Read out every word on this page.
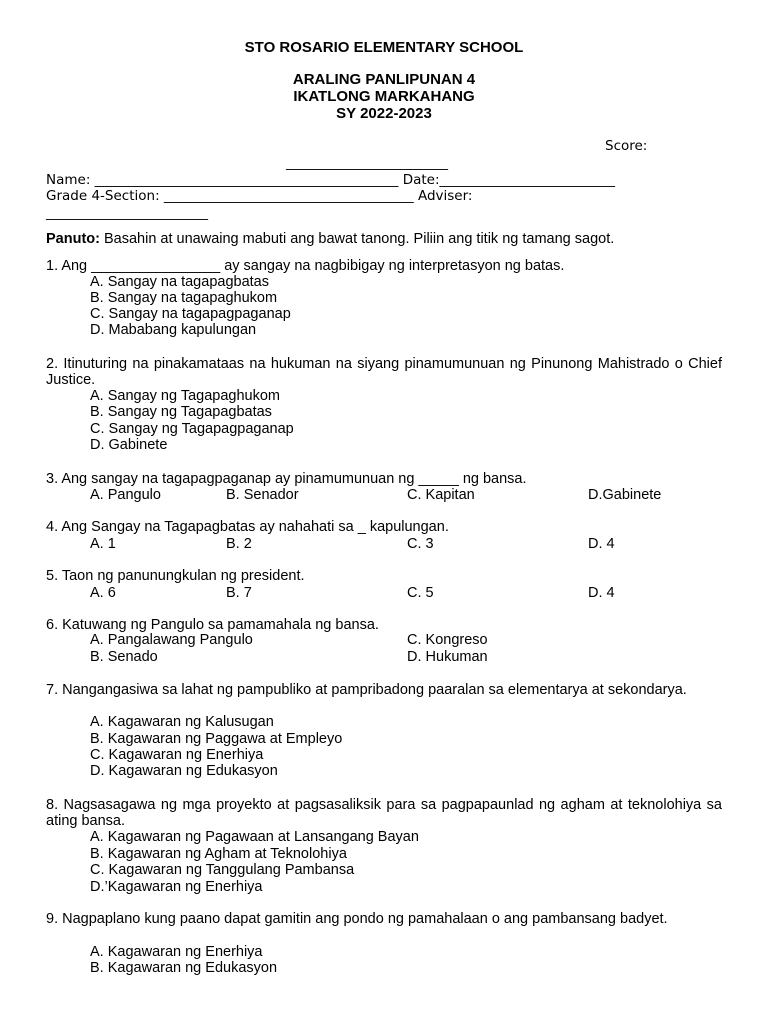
STO ROSARIO ELEMENTARY SCHOOL
ARALING PANLIPUNAN 4
IKATLONG MARKAHANG
SY 2022-2023
Score:
________________________
Name: _____________________________________________ Date:__________________________
Grade 4-Section: _____________________________________ Adviser:
________________________
Panuto: Basahin at unawaing mabuti ang bawat tanong. Piliin ang titik ng tamang sagot.
1. Ang ________________ ay sangay na nagbibigay ng interpretasyon ng batas.
A. Sangay na tagapagbatas
B. Sangay na tagapaghukom
C. Sangay na tagapagpaganap
D. Mababang kapulungan
2. Itinuturing na pinakamataas na hukuman na siyang pinamumunuan ng Pinunong Mahistrado o Chief Justice.
A. Sangay ng Tagapaghukom
B. Sangay ng Tagapagbatas
C. Sangay ng Tagapagpaganap
D. Gabinete
3. Ang sangay na tagapagpaganap ay pinamumunuan ng _____ ng bansa.
A. Pangulo	B. Senador	C. Kapitan	D.Gabinete
4. Ang Sangay na Tagapagbatas ay nahahati sa _ kapulungan.
A. 1	B. 2	C. 3	D. 4
5. Taon ng panunungkulan ng president.
A. 6	B. 7	C. 5	D. 4
6. Katuwang ng Pangulo sa pamamahala ng bansa.
A. Pangalawang Pangulo	C. Kongreso
B. Senado	D. Hukuman
7. Nangangasiwa sa lahat ng pampubliko at pampribadong paaralan sa elementarya at sekondarya.
A. Kagawaran ng Kalusugan
B. Kagawaran ng Paggawa at Empleyo
C. Kagawaran ng Enerhiya
D. Kagawaran ng Edukasyon
8. Nagsasagawa ng mga proyekto at pagsasaliksik para sa pagpapaunlad ng agham at teknolohiya sa ating bansa.
A. Kagawaran ng Pagawaan at Lansangang Bayan
B. Kagawaran ng Agham at Teknolohiya
C. Kagawaran ng Tanggulang Pambansa
D.’Kagawaran ng Enerhiya
9. Nagpaplano kung paano dapat gamitin ang pondo ng pamahalaan o ang pambansang badyet.
A. Kagawaran ng Enerhiya
B. Kagawaran ng Edukasyon
